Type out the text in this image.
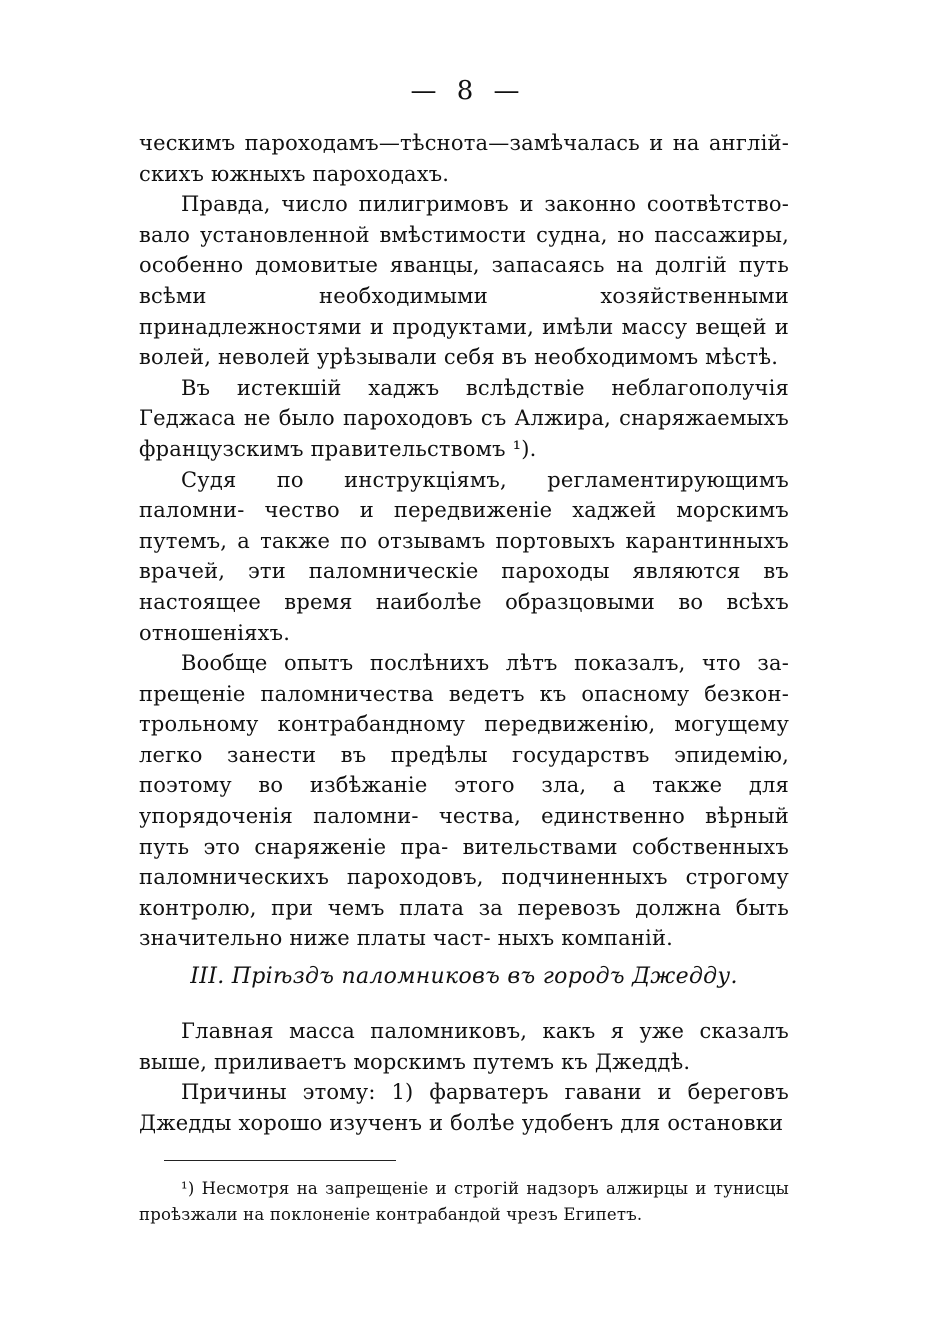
— 8 —

ческимъ пароходамъ—тѣснота—замѣчалась и на англій- скихъ южныхъ пароходахъ.

Правда, число пилигримовъ и законно соотвѣтство- вало установленной вмѣстимости судна, но пассажиры, особенно домовитые яванцы, запасаясь на долгій путь всѣми необходимыми хозяйственными принадлежностями и продуктами, имѣли массу вещей и волей, неволей урѣзывали себя въ необходимомъ мѣстѣ.

Въ истекшій хаджъ вслѣдствіе неблагополучія Геджаса не было пароходовъ съ Алжира, снаряжаемыхъ французскимъ правительствомъ ¹).

Судя по инструкціямъ, регламентирующимъ паломни- чество и передвиженіе хаджей морскимъ путемъ, а также по отзывамъ портовыхъ карантинныхъ врачей, эти паломническіе пароходы являются въ настоящее время наиболѣе образцовыми во всѣхъ отношеніяхъ.

Вообще опытъ послѣнихъ лѣтъ показалъ, что за- прещеніе паломничества ведетъ къ опасному безкон- трольному контрабандному передвиженію, могущему легко занести въ предѣлы государствъ эпидемію, поэтому во избѣжаніе этого зла, а также для упорядоченія паломни- чества, единственно вѣрный путь это снаряженіе пра- вительствами собственныхъ паломническихъ пароходовъ, подчиненныхъ строгому контролю, при чемъ плата за перевозъ должна быть значительно ниже платы част- ныхъ компаній.

III. Пріѣздъ паломниковъ въ городъ Джедду.

Главная масса паломниковъ, какъ я уже сказалъ выше, приливаетъ морскимъ путемъ къ Джеддѣ.

Причины этому: 1) фарватеръ гавани и береговъ Джедды хорошо изученъ и болѣе удобенъ для остановки

¹) Несмотря на запрещеніе и строгій надзоръ алжирцы и тунисцы проѣзжали на поклоненіе контрабандой чрезъ Египетъ.
